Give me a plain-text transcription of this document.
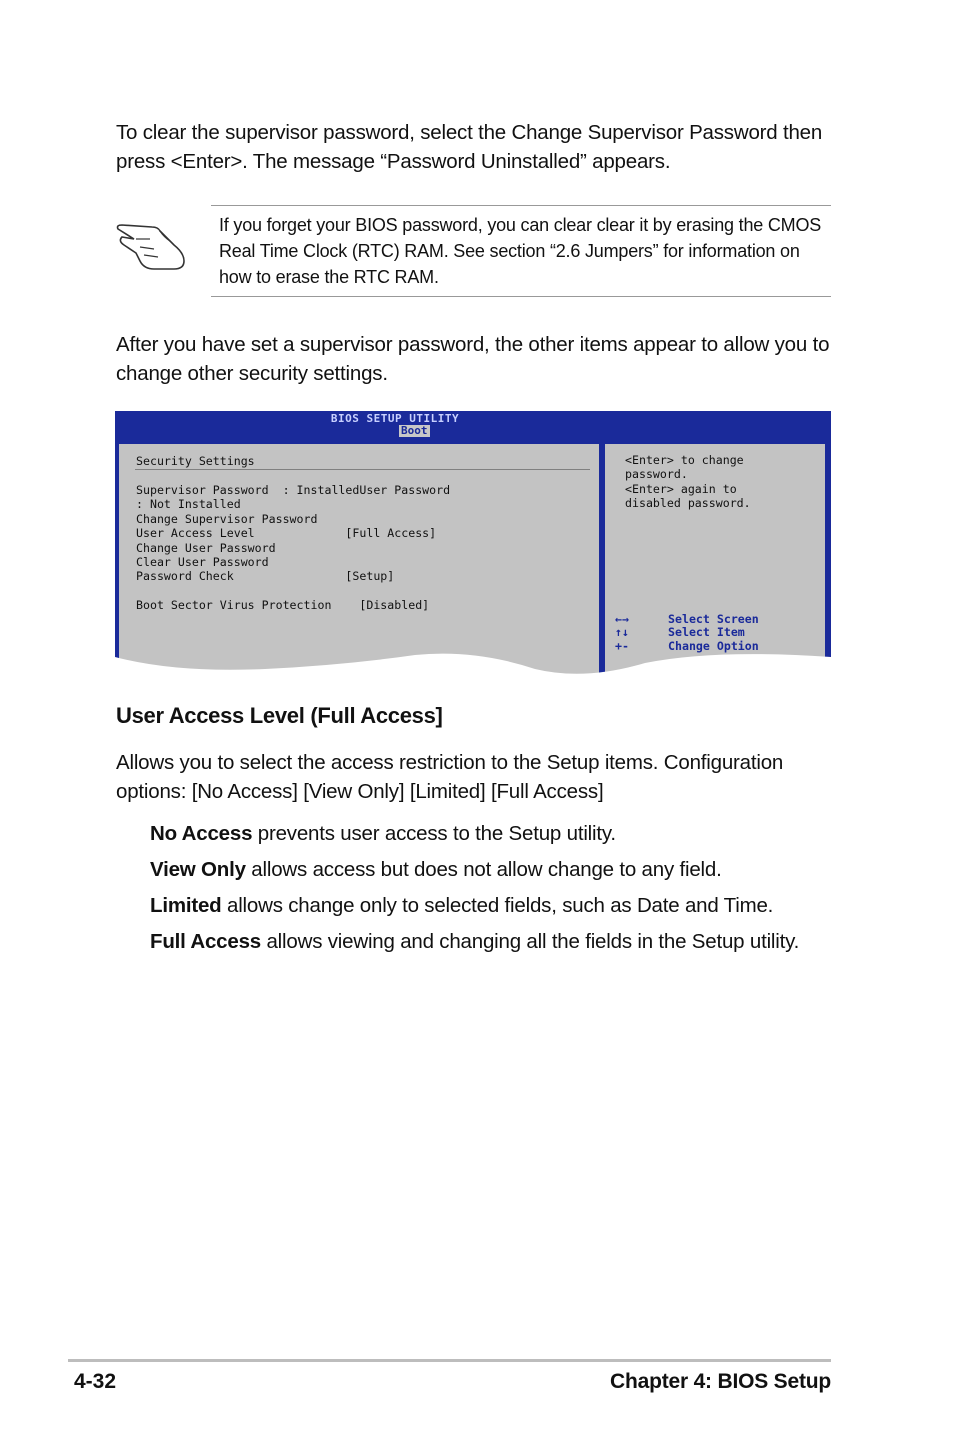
To clear the supervisor password, select the Change Supervisor Password then press <Enter>. The message “Password Uninstalled” appears.
If you forget your BIOS password, you can clear clear it by erasing the CMOS Real Time Clock (RTC) RAM. See section “2.6 Jumpers” for information on how to erase the RTC RAM.
After you have set a supervisor password, the other items appear to allow you to change other security settings.
BIOS SETUP UTILITY
Boot
Security Settings
Supervisor Password  : InstalledUser Password
: Not Installed
Change Supervisor Password
User Access Level             [Full Access]
Change User Password
Clear User Password
Password Check                [Setup]
Boot Sector Virus Protection    [Disabled]
<Enter> to change
password.
<Enter> again to
disabled password.
←→	Select Screen
↑↓	Select Item
+-	Change Option
User Access Level (Full Access]
Allows you to select the access restriction to the Setup items. Configuration options: [No Access] [View Only] [Limited] [Full Access]
No Access prevents user access to the Setup utility.
View Only allows access but does not allow change to any field.
Limited allows change only to selected fields, such as Date and Time.
Full Access allows viewing and changing all the fields in the Setup utility.
4-32	Chapter 4: BIOS Setup
